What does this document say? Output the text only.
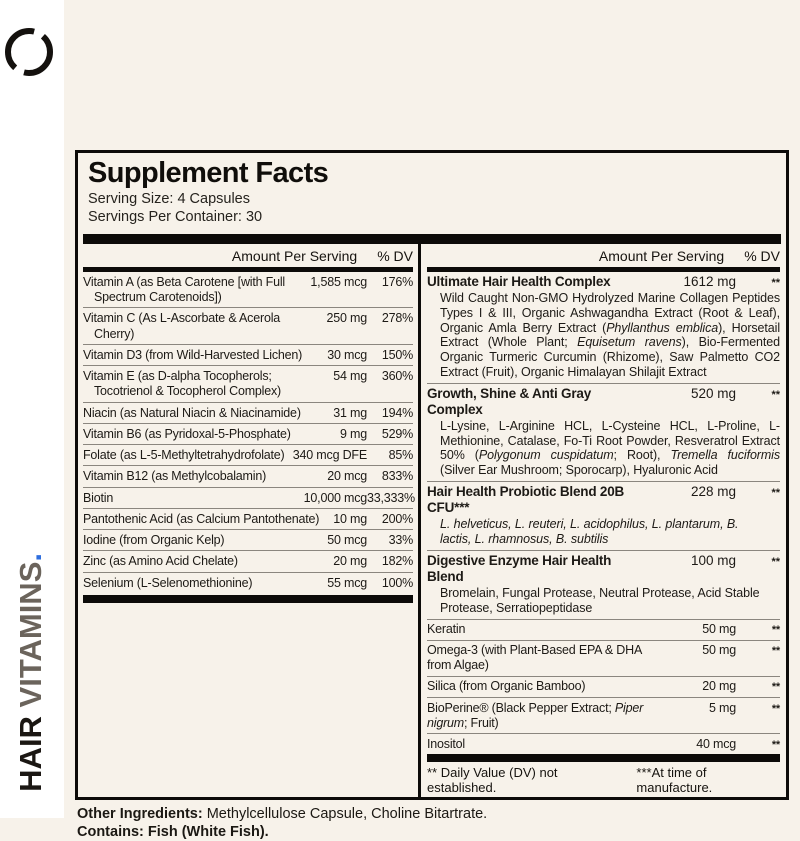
HAIR VITAMINS.
Supplement Facts
Serving Size: 4 Capsules
Servings Per Container: 30
Amount Per Serving % DV
Vitamin A (as Beta Carotene [with Full Spectrum Carotenoids])
1,585 mcg	176%
Vitamin C (As L-Ascorbate & Acerola Cherry)
250 mg	278%
Vitamin D3 (from Wild-Harvested Lichen)	30 mcg	150%
Vitamin E (as D-alpha Tocopherols; Tocotrienol & Tocopherol Complex)
54 mg	360%
Niacin (as Natural Niacin & Niacinamide)	31 mg	194%
Vitamin B6 (as Pyridoxal-5-Phosphate)	9 mg	529%
Folate (as L-5-Methyltetrahydrofolate) 340 mcg DFE	85%
Vitamin B12 (as Methylcobalamin)	20 mcg	833%
Biotin	10,000 mcg 33,333%
Pantothenic Acid (as Calcium Pantothenate)	10 mg	200%
Iodine (from Organic Kelp)	50 mcg	33%
Zinc (as Amino Acid Chelate)	20 mg	182%
Selenium (L-Selenomethionine)	55 mcg	100%
Amount Per Serving % DV
Ultimate Hair Health Complex	1612 mg	**
Wild Caught Non-GMO Hydrolyzed Marine Collagen Peptides Types I & III, Organic Ashwagandha Extract (Root & Leaf), Organic Amla Berry Extract (Phyllanthus emblica), Horsetail Extract (Whole Plant; Equisetum ravens), Bio-Fermented Organic Turmeric Curcumin (Rhizome), Saw Palmetto CO2 Extract (Fruit), Organic Himalayan Shilajit Extract
Growth, Shine & Anti Gray Complex
520 mg	**
L-Lysine, L-Arginine HCL, L-Cysteine HCL, L-Proline, L-Methionine, Catalase, Fo-Ti Root Powder, Resveratrol Extract 50% (Polygonum cuspidatum; Root), Tremella fuciformis (Silver Ear Mushroom; Sporocarp), Hyaluronic Acid
Hair Health Probiotic Blend 20B CFU***
228 mg	**
L. helveticus, L. reuteri, L. acidophilus, L. plantarum, B. lactis, L. rhamnosus, B. subtilis
Digestive Enzyme Hair Health Blend
100 mg	**
Bromelain, Fungal Protease, Neutral Protease, Acid Stable Protease, Serratiopeptidase
Keratin	50 mg	**
Omega-3 (with Plant-Based EPA & DHA from Algae)
50 mg	**
Silica (from Organic Bamboo)	20 mg	**
BioPerine® (Black Pepper Extract; Piper nigrum; Fruit)
5 mg	**
Inositol	40 mcg	**
** Daily Value (DV) not established.
***At time of manufacture.
Other Ingredients: Methylcellulose Capsule, Choline Bitartrate.
Contains: Fish (White Fish).
